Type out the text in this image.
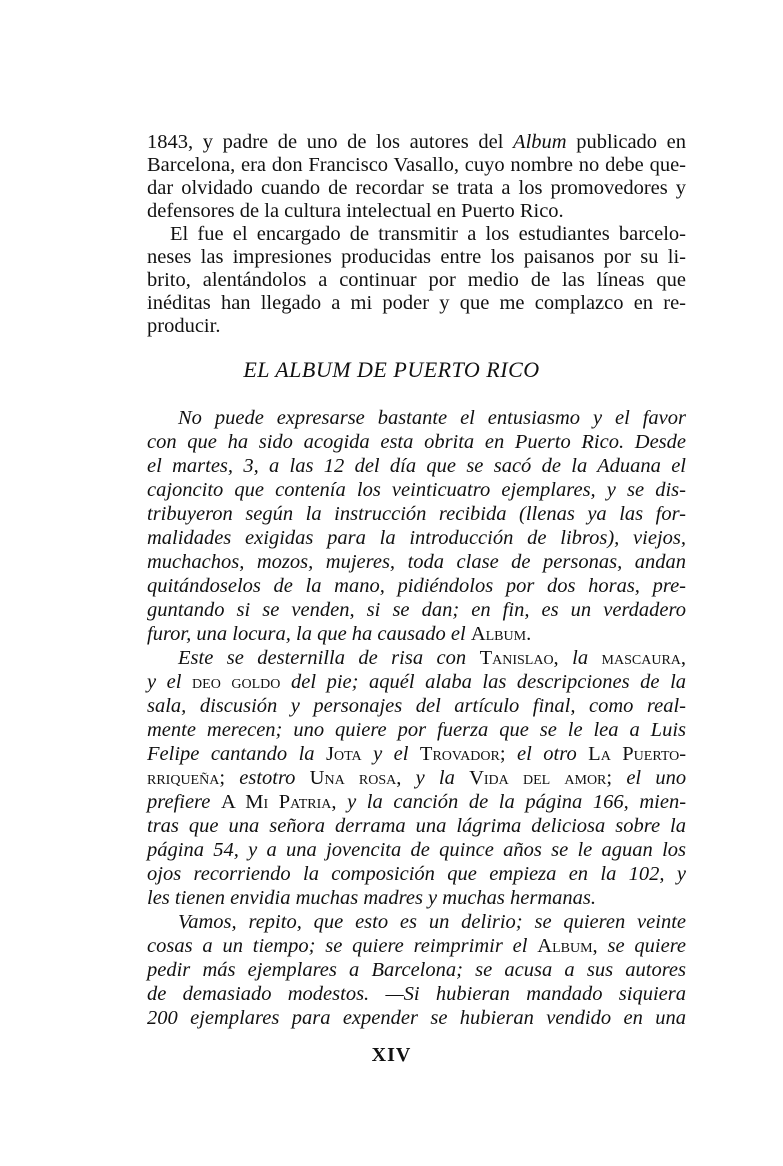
1843, y padre de uno de los autores del Album publicado en
Barcelona, era don Francisco Vasallo, cuyo nombre no debe que-
dar olvidado cuando de recordar se trata a los promovedores y
defensores de la cultura intelectual en Puerto Rico.
El fue el encargado de transmitir a los estudiantes barcelo-
neses las impresiones producidas entre los paisanos por su li-
brito, alentándolos a continuar por medio de las líneas que
inéditas han llegado a mi poder y que me complazco en re-
producir.
EL ALBUM DE PUERTO RICO
No puede expresarse bastante el entusiasmo y el favor
con que ha sido acogida esta obrita en Puerto Rico. Desde
el martes, 3, a las 12 del día que se sacó de la Aduana el
cajoncito que contenía los veinticuatro ejemplares, y se dis-
tribuyeron según la instrucción recibida (llenas ya las for-
malidades exigidas para la introducción de libros), viejos,
muchachos, mozos, mujeres, toda clase de personas, andan
quitándoselos de la mano, pidiéndolos por dos horas, pre-
guntando si se venden, si se dan; en fin, es un verdadero
furor, una locura, la que ha causado el Album.
Este se desternilla de risa con Tanislao, la mascaura,
y el deo goldo del pie; aquél alaba las descripciones de la
sala, discusión y personajes del artículo final, como real-
mente merecen; uno quiere por fuerza que se le lea a Luis
Felipe cantando la Jota y el Trovador; el otro La Puerto-
rriqueña; estotro Una rosa, y la Vida del amor; el uno
prefiere A Mi Patria, y la canción de la página 166, mien-
tras que una señora derrama una lágrima deliciosa sobre la
página 54, y a una jovencita de quince años se le aguan los
ojos recorriendo la composición que empieza en la 102, y
les tienen envidia muchas madres y muchas hermanas.
Vamos, repito, que esto es un delirio; se quieren veinte
cosas a un tiempo; se quiere reimprimir el Album, se quiere
pedir más ejemplares a Barcelona; se acusa a sus autores
de demasiado modestos. —Si hubieran mandado siquiera
200 ejemplares para expender se hubieran vendido en una
XIV
